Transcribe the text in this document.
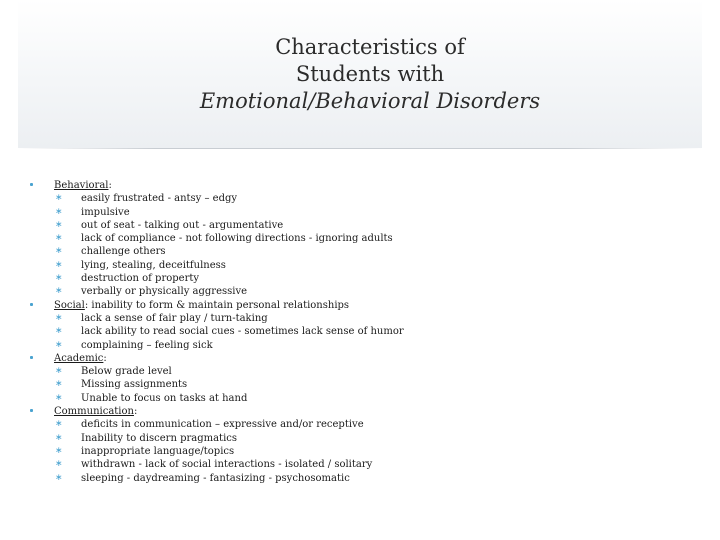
Characteristics of
Students with
Emotional/Behavioral Disorders
Behavioral:
∗ easily frustrated - antsy – edgy
∗ impulsive
∗ out of seat - talking out - argumentative
∗ lack of compliance - not following directions - ignoring adults
∗ challenge others
∗ lying, stealing, deceitfulness
∗ destruction of property
∗ verbally or physically aggressive
Social: inability to form & maintain personal relationships
∗ lack a sense of fair play / turn-taking
∗ lack ability to read social cues - sometimes lack sense of humor
∗ complaining – feeling sick
Academic:
∗ Below grade level
∗ Missing assignments
∗ Unable to focus on tasks at hand
Communication:
∗ deficits in communication – expressive and/or receptive
∗ Inability to discern pragmatics
∗ inappropriate language/topics
∗ withdrawn - lack of social interactions - isolated / solitary
∗ sleeping - daydreaming - fantasizing - psychosomatic
